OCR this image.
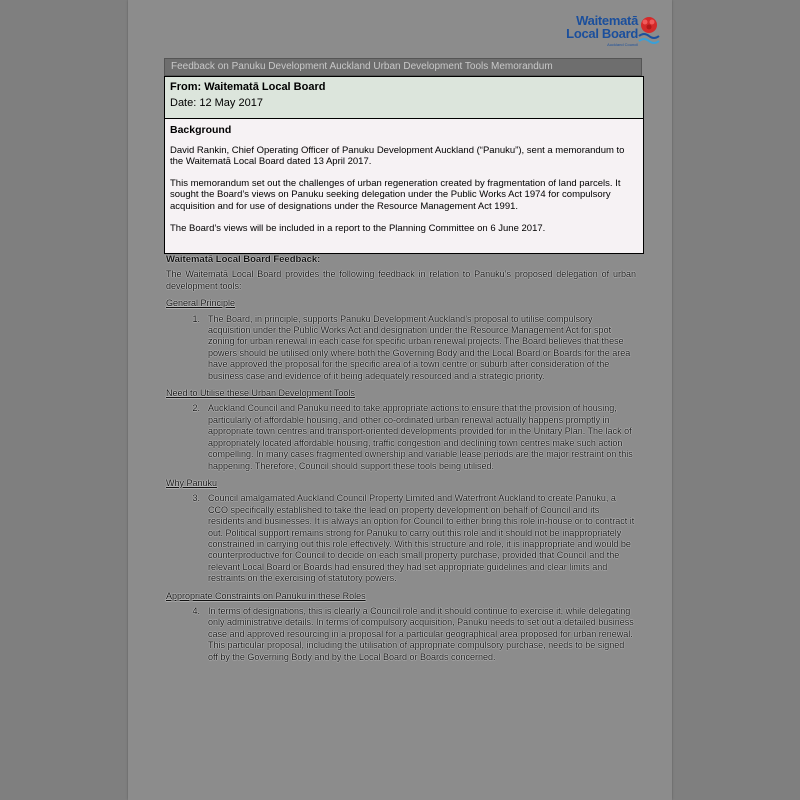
Waitematā
Local Board
Auckland Council
Feedback on Panuku Development Auckland Urban Development Tools Memorandum
From: Waitematā Local Board
Date: 12 May 2017
Background

David Rankin, Chief Operating Officer of Panuku Development Auckland (“Panuku”), sent a memorandum to the Waitematā Local Board dated 13 April 2017.

This memorandum set out the challenges of urban regeneration created by fragmentation of land parcels. It sought the Board’s views on Panuku seeking delegation under the Public Works Act 1974 for compulsory acquisition and for use of designations under the Resource Management Act 1991.

The Board’s views will be included in a report to the Planning Committee on 6 June 2017.

Waitematā Local Board Feedback:

The Waitematā Local Board provides the following feedback in relation to Panuku’s proposed delegation of urban development tools:

General Principle
1. The Board, in principle, supports Panuku Development Auckland’s proposal to utilise compulsory acquisition under the Public Works Act and designation under the Resource Management Act for spot zoning for urban renewal in each case for specific urban renewal projects. The Board believes that these powers should be utilised only where both the Governing Body and the Local Board or Boards for the area have approved the proposal for the specific area of a town centre or suburb after consideration of the business case and evidence of it being adequately resourced and a strategic priority.
Need to Utilise these Urban Development Tools
2. Auckland Council and Panuku need to take appropriate actions to ensure that the provision of housing, particularly of affordable housing, and other co-ordinated urban renewal actually happens promptly in appropriate town centres and transport-oriented developments provided for in the Unitary Plan. The lack of appropriately located affordable housing, traffic congestion and declining town centres make such action compelling. In many cases fragmented ownership and variable lease periods are the major restraint on this happening. Therefore, Council should support these tools being utilised.
Why Panuku
3. Council amalgamated Auckland Council Property Limited and Waterfront Auckland to create Panuku, a CCO specifically established to take the lead on property development on behalf of Council and its residents and businesses. It is always an option for Council to either bring this role in-house or to contract it out. Political support remains strong for Panuku to carry out this role and it should not be inappropriately constrained in carrying out this role effectively. With this structure and role, it is inappropriate and would be counterproductive for Council to decide on each small property purchase, provided that Council and the relevant Local Board or Boards had ensured they had set appropriate guidelines and clear limits and restraints on the exercising of statutory powers.
Appropriate Constraints on Panuku in these Roles
4. In terms of designations, this is clearly a Council role and it should continue to exercise it, while delegating only administrative details. In terms of compulsory acquisition, Panuku needs to set out a detailed business case and approved resourcing in a proposal for a particular geographical area proposed for urban renewal. This particular proposal, including the utilisation of appropriate compulsory purchase, needs to be signed off by the Governing Body and by the Local Board or Boards concerned.
